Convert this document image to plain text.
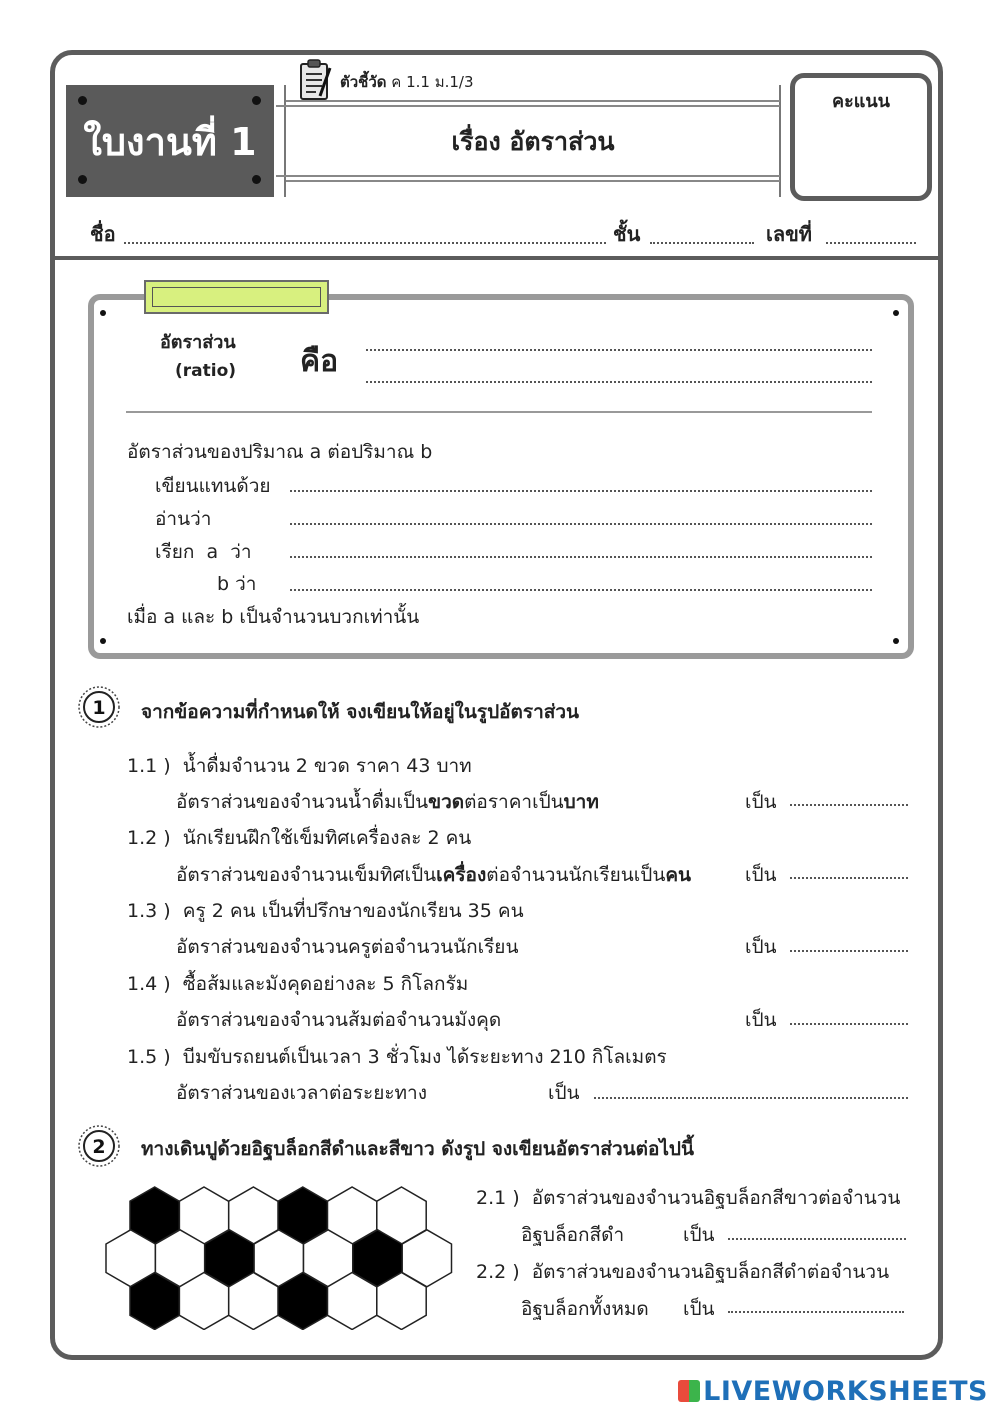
ใบงานที่ 1
ตัวชี้วัด ค 1.1 ม.1/3
เรื่อง อัตราส่วน
คะแนน
ชื่อ	ชั้น	เลขที่
อัตราส่วน
(ratio) คือ
อัตราส่วนของปริมาณ a ต่อปริมาณ b
เขียนแทนด้วย
อ่านว่า
เรียก a ว่า
b ว่า
เมื่อ a และ b เป็นจำนวนบวกเท่านั้น
1 จากข้อความที่กำหนดให้ จงเขียนให้อยู่ในรูปอัตราส่วน
1.1 ) น้ำดื่มจำนวน 2 ขวด ราคา 43 บาท
อัตราส่วนของจำนวนน้ำดื่มเป็นขวดต่อราคาเป็นบาท	เป็น
1.2 ) นักเรียนฝึกใช้เข็มทิศเครื่องละ 2 คน
อัตราส่วนของจำนวนเข็มทิศเป็นเครื่องต่อจำนวนนักเรียนเป็นคน	เป็น
1.3 ) ครู 2 คน เป็นที่ปรึกษาของนักเรียน 35 คน
อัตราส่วนของจำนวนครูต่อจำนวนนักเรียน	เป็น
1.4 ) ซื้อส้มและมังคุดอย่างละ 5 กิโลกรัม
อัตราส่วนของจำนวนส้มต่อจำนวนมังคุด	เป็น
1.5 ) บีมขับรถยนต์เป็นเวลา 3 ชั่วโมง ได้ระยะทาง 210 กิโลเมตร
อัตราส่วนของเวลาต่อระยะทาง	เป็น
2 ทางเดินปูด้วยอิฐบล็อกสีดำและสีขาว ดังรูป จงเขียนอัตราส่วนต่อไปนี้
2.1 ) อัตราส่วนของจำนวนอิฐบล็อกสีขาวต่อจำนวน
อิฐบล็อกสีดำ	เป็น
2.2 ) อัตราส่วนของจำนวนอิฐบล็อกสีดำต่อจำนวน
อิฐบล็อกทั้งหมด เป็น
LIVEWORKSHEETS
